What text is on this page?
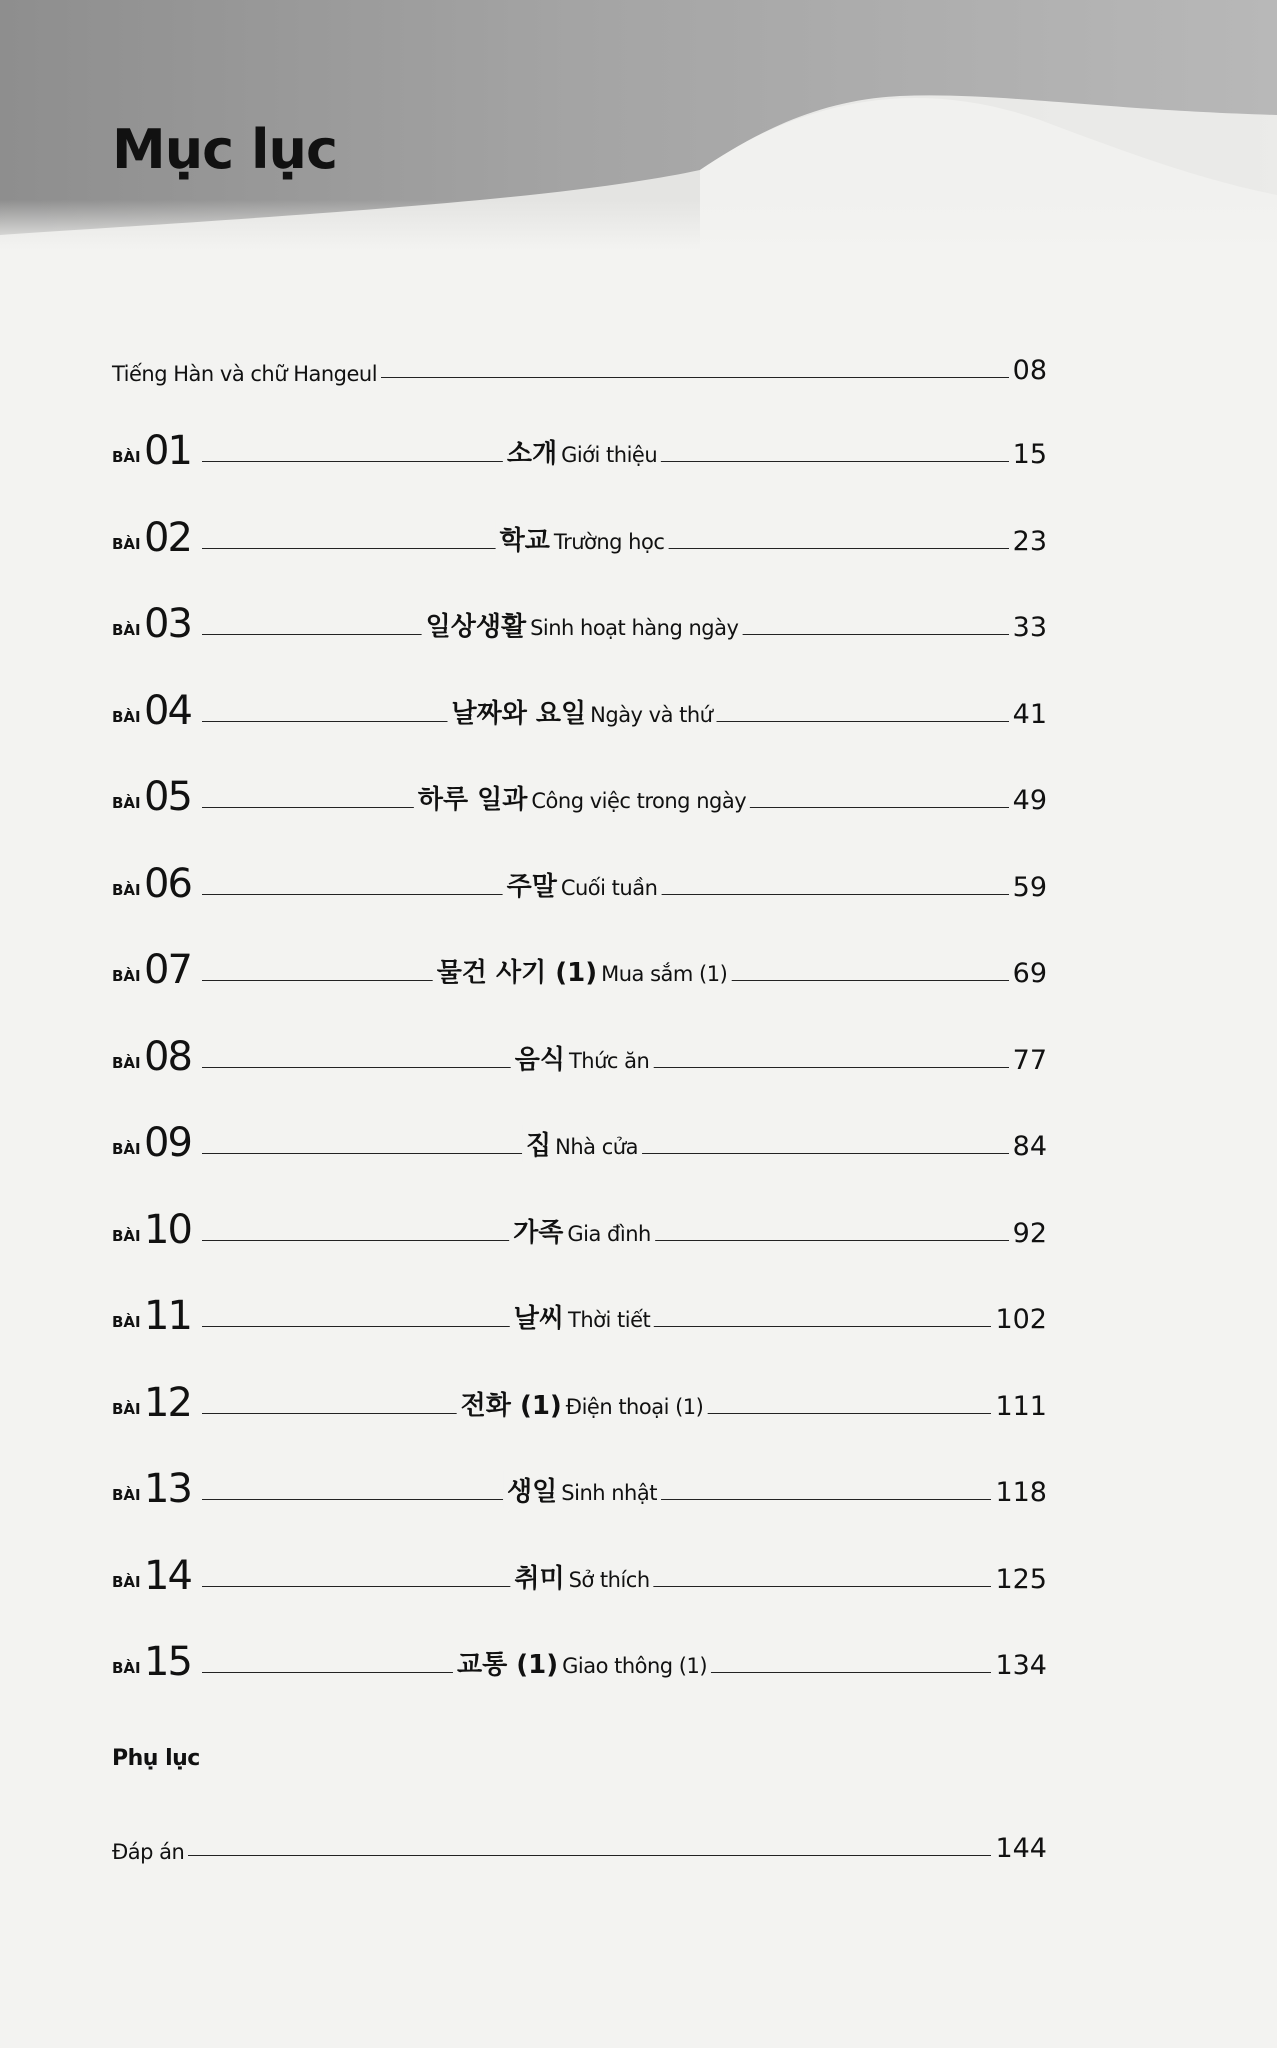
Mục lục
Tiếng Hàn và chữ Hangeul	08
BÀI 01	소개 Giới thiệu	15
BÀI 02	학교 Trường học	23
BÀI 03	일상생활 Sinh hoạt hàng ngày	33
BÀI 04	날짜와 요일 Ngày và thứ	41
BÀI 05	하루 일과 Công việc trong ngày	49
BÀI 06	주말 Cuối tuần	59
BÀI 07	물건 사기 (1) Mua sắm (1)	69
BÀI 08	음식 Thức ăn	77
BÀI 09	집 Nhà cửa	84
BÀI 10	가족 Gia đình	92
BÀI 11	날씨 Thời tiết	102
BÀI 12	전화 (1) Điện thoại (1)	111
BÀI 13	생일 Sinh nhật	118
BÀI 14	취미 Sở thích	125
BÀI 15	교통 (1) Giao thông (1)	134
Phụ lục
Đáp án	144
